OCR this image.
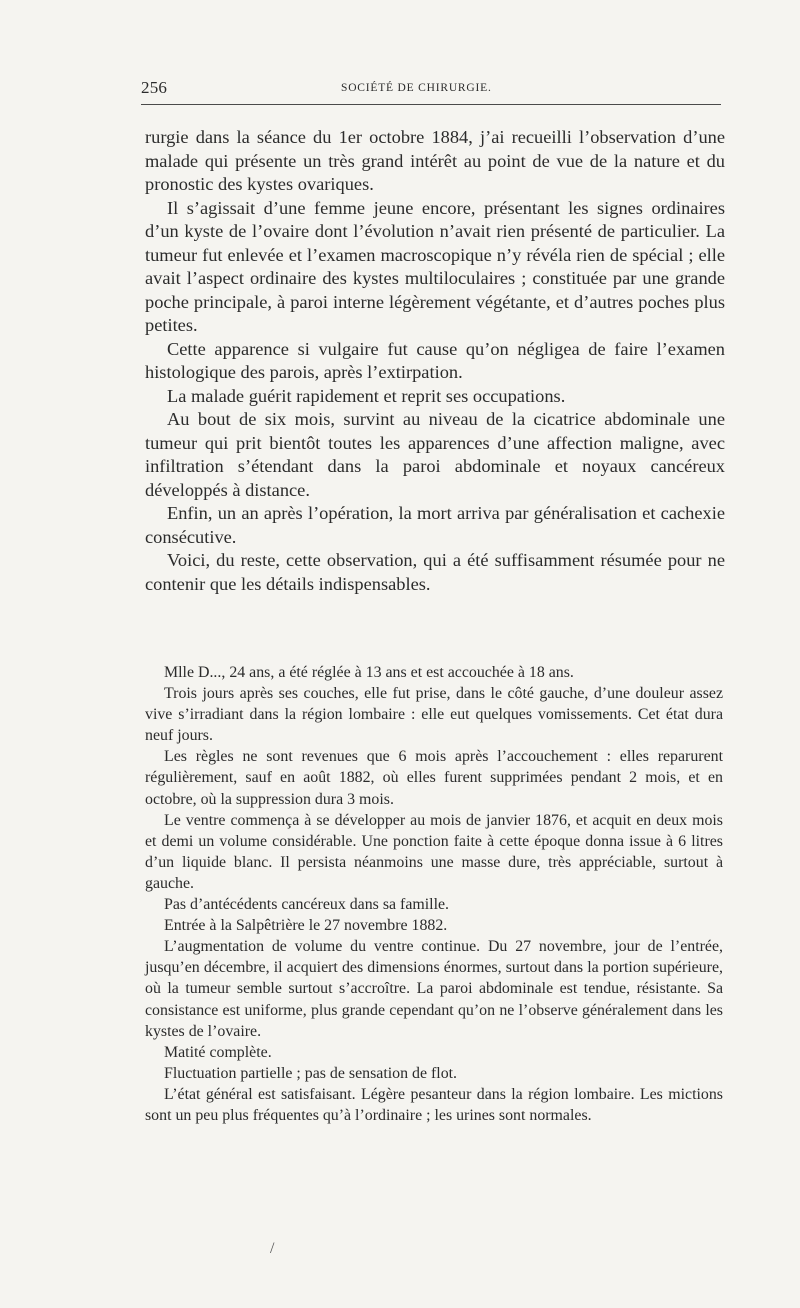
256	SOCIÉTÉ DE CHIRURGIE.

rurgie dans la séance du 1er octobre 1884, j’ai recueilli l’observation d’une malade qui présente un très grand intérêt au point de vue de la nature et du pronostic des kystes ovariques.

Il s’agissait d’une femme jeune encore, présentant les signes ordinaires d’un kyste de l’ovaire dont l’évolution n’avait rien présenté de particulier. La tumeur fut enlevée et l’examen macroscopique n’y révéla rien de spécial ; elle avait l’aspect ordinaire des kystes multiloculaires ; constituée par une grande poche principale, à paroi interne légèrement végétante, et d’autres poches plus petites.

Cette apparence si vulgaire fut cause qu’on négligea de faire l’examen histologique des parois, après l’extirpation.

La malade guérit rapidement et reprit ses occupations.

Au bout de six mois, survint au niveau de la cicatrice abdominale une tumeur qui prit bientôt toutes les apparences d’une affection maligne, avec infiltration s’étendant dans la paroi abdominale et noyaux cancéreux développés à distance.

Enfin, un an après l’opération, la mort arriva par généralisation et cachexie consécutive.

Voici, du reste, cette observation, qui a été suffisamment résumée pour ne contenir que les détails indispensables.

Mlle D..., 24 ans, a été réglée à 13 ans et est accouchée à 18 ans.

Trois jours après ses couches, elle fut prise, dans le côté gauche, d’une douleur assez vive s’irradiant dans la région lombaire : elle eut quelques vomissements. Cet état dura neuf jours.

Les règles ne sont revenues que 6 mois après l’accouchement : elles reparurent régulièrement, sauf en août 1882, où elles furent supprimées pendant 2 mois, et en octobre, où la suppression dura 3 mois.

Le ventre commença à se développer au mois de janvier 1876, et acquit en deux mois et demi un volume considérable. Une ponction faite à cette époque donna issue à 6 litres d’un liquide blanc. Il persista néanmoins une masse dure, très appréciable, surtout à gauche.

Pas d’antécédents cancéreux dans sa famille.

Entrée à la Salpêtrière le 27 novembre 1882.

L’augmentation de volume du ventre continue. Du 27 novembre, jour de l’entrée, jusqu’en décembre, il acquiert des dimensions énormes, surtout dans la portion supérieure, où la tumeur semble surtout s’accroître. La paroi abdominale est tendue, résistante. Sa consistance est uniforme, plus grande cependant qu’on ne l’observe généralement dans les kystes de l’ovaire.

Matité complète.

Fluctuation partielle ; pas de sensation de flot.

L’état général est satisfaisant. Légère pesanteur dans la région lombaire. Les mictions sont un peu plus fréquentes qu’à l’ordinaire ; les urines sont normales.

/
